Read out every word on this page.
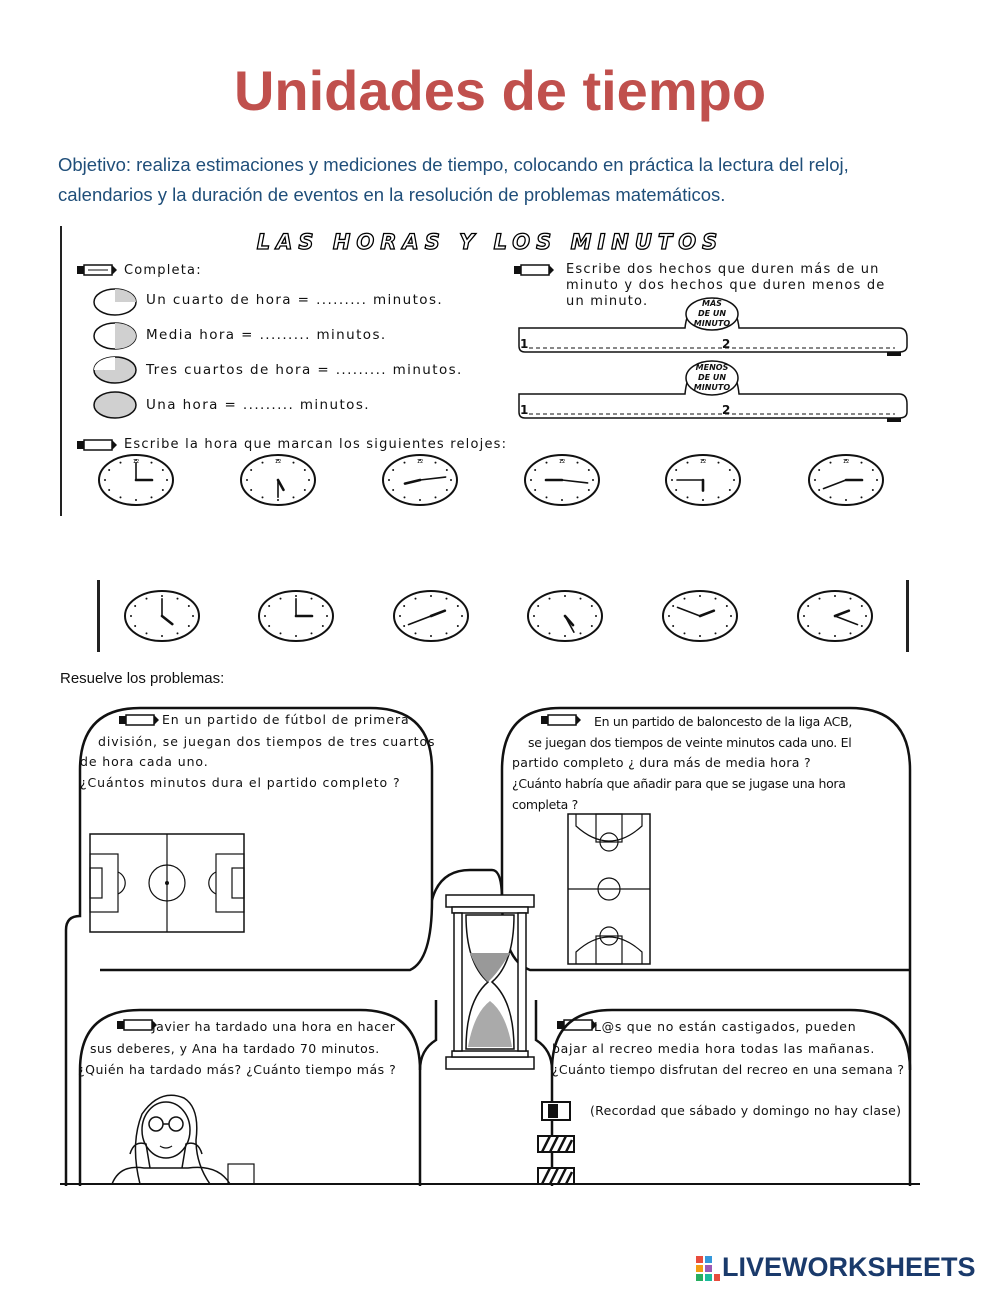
Unidades de tiempo
Objetivo: realiza estimaciones y mediciones de tiempo, colocando en práctica la lectura del reloj, calendarios y la duración de eventos en la resolución de problemas matemáticos.
LAS HORAS Y LOS MINUTOS
Completa:
Un cuarto de hora = ......... minutos.
Media hora = ......... minutos.
Tres cuartos de hora = ......... minutos.
Una hora = ......... minutos.
Escribe dos hechos que duren más de un
minuto y dos hechos que duren menos de
un minuto.	MÁS
DE UN
MINUTO
1	2
MENOS
DE UN
MINUTO
1	2
Escribe la hora que marcan los siguientes relojes:
12	12	12	12	12	12
Resuelve los problemas:
En un partido de fútbol de primera
división, se juegan dos tiempos de tres cuartos
de hora cada uno.
¿Cuántos minutos dura el partido completo ?
En un partido de baloncesto de la liga ACB,
se juegan dos tiempos de veinte minutos cada uno. El
partido completo ¿ dura más de media hora ?
¿Cuánto habría que añadir para que se jugase una hora
completa ?
Javier ha tardado una hora en hacer
sus deberes, y Ana ha tardado 70 minutos.
¿Quién ha tardado más? ¿Cuánto tiempo más ?
L@s que no están castigados, pueden
bajar al recreo media hora todas las mañanas.
¿Cuánto tiempo disfrutan del recreo en una semana ?
(Recordad que sábado y domingo no hay clase)
LIVEWORKSHEETS
